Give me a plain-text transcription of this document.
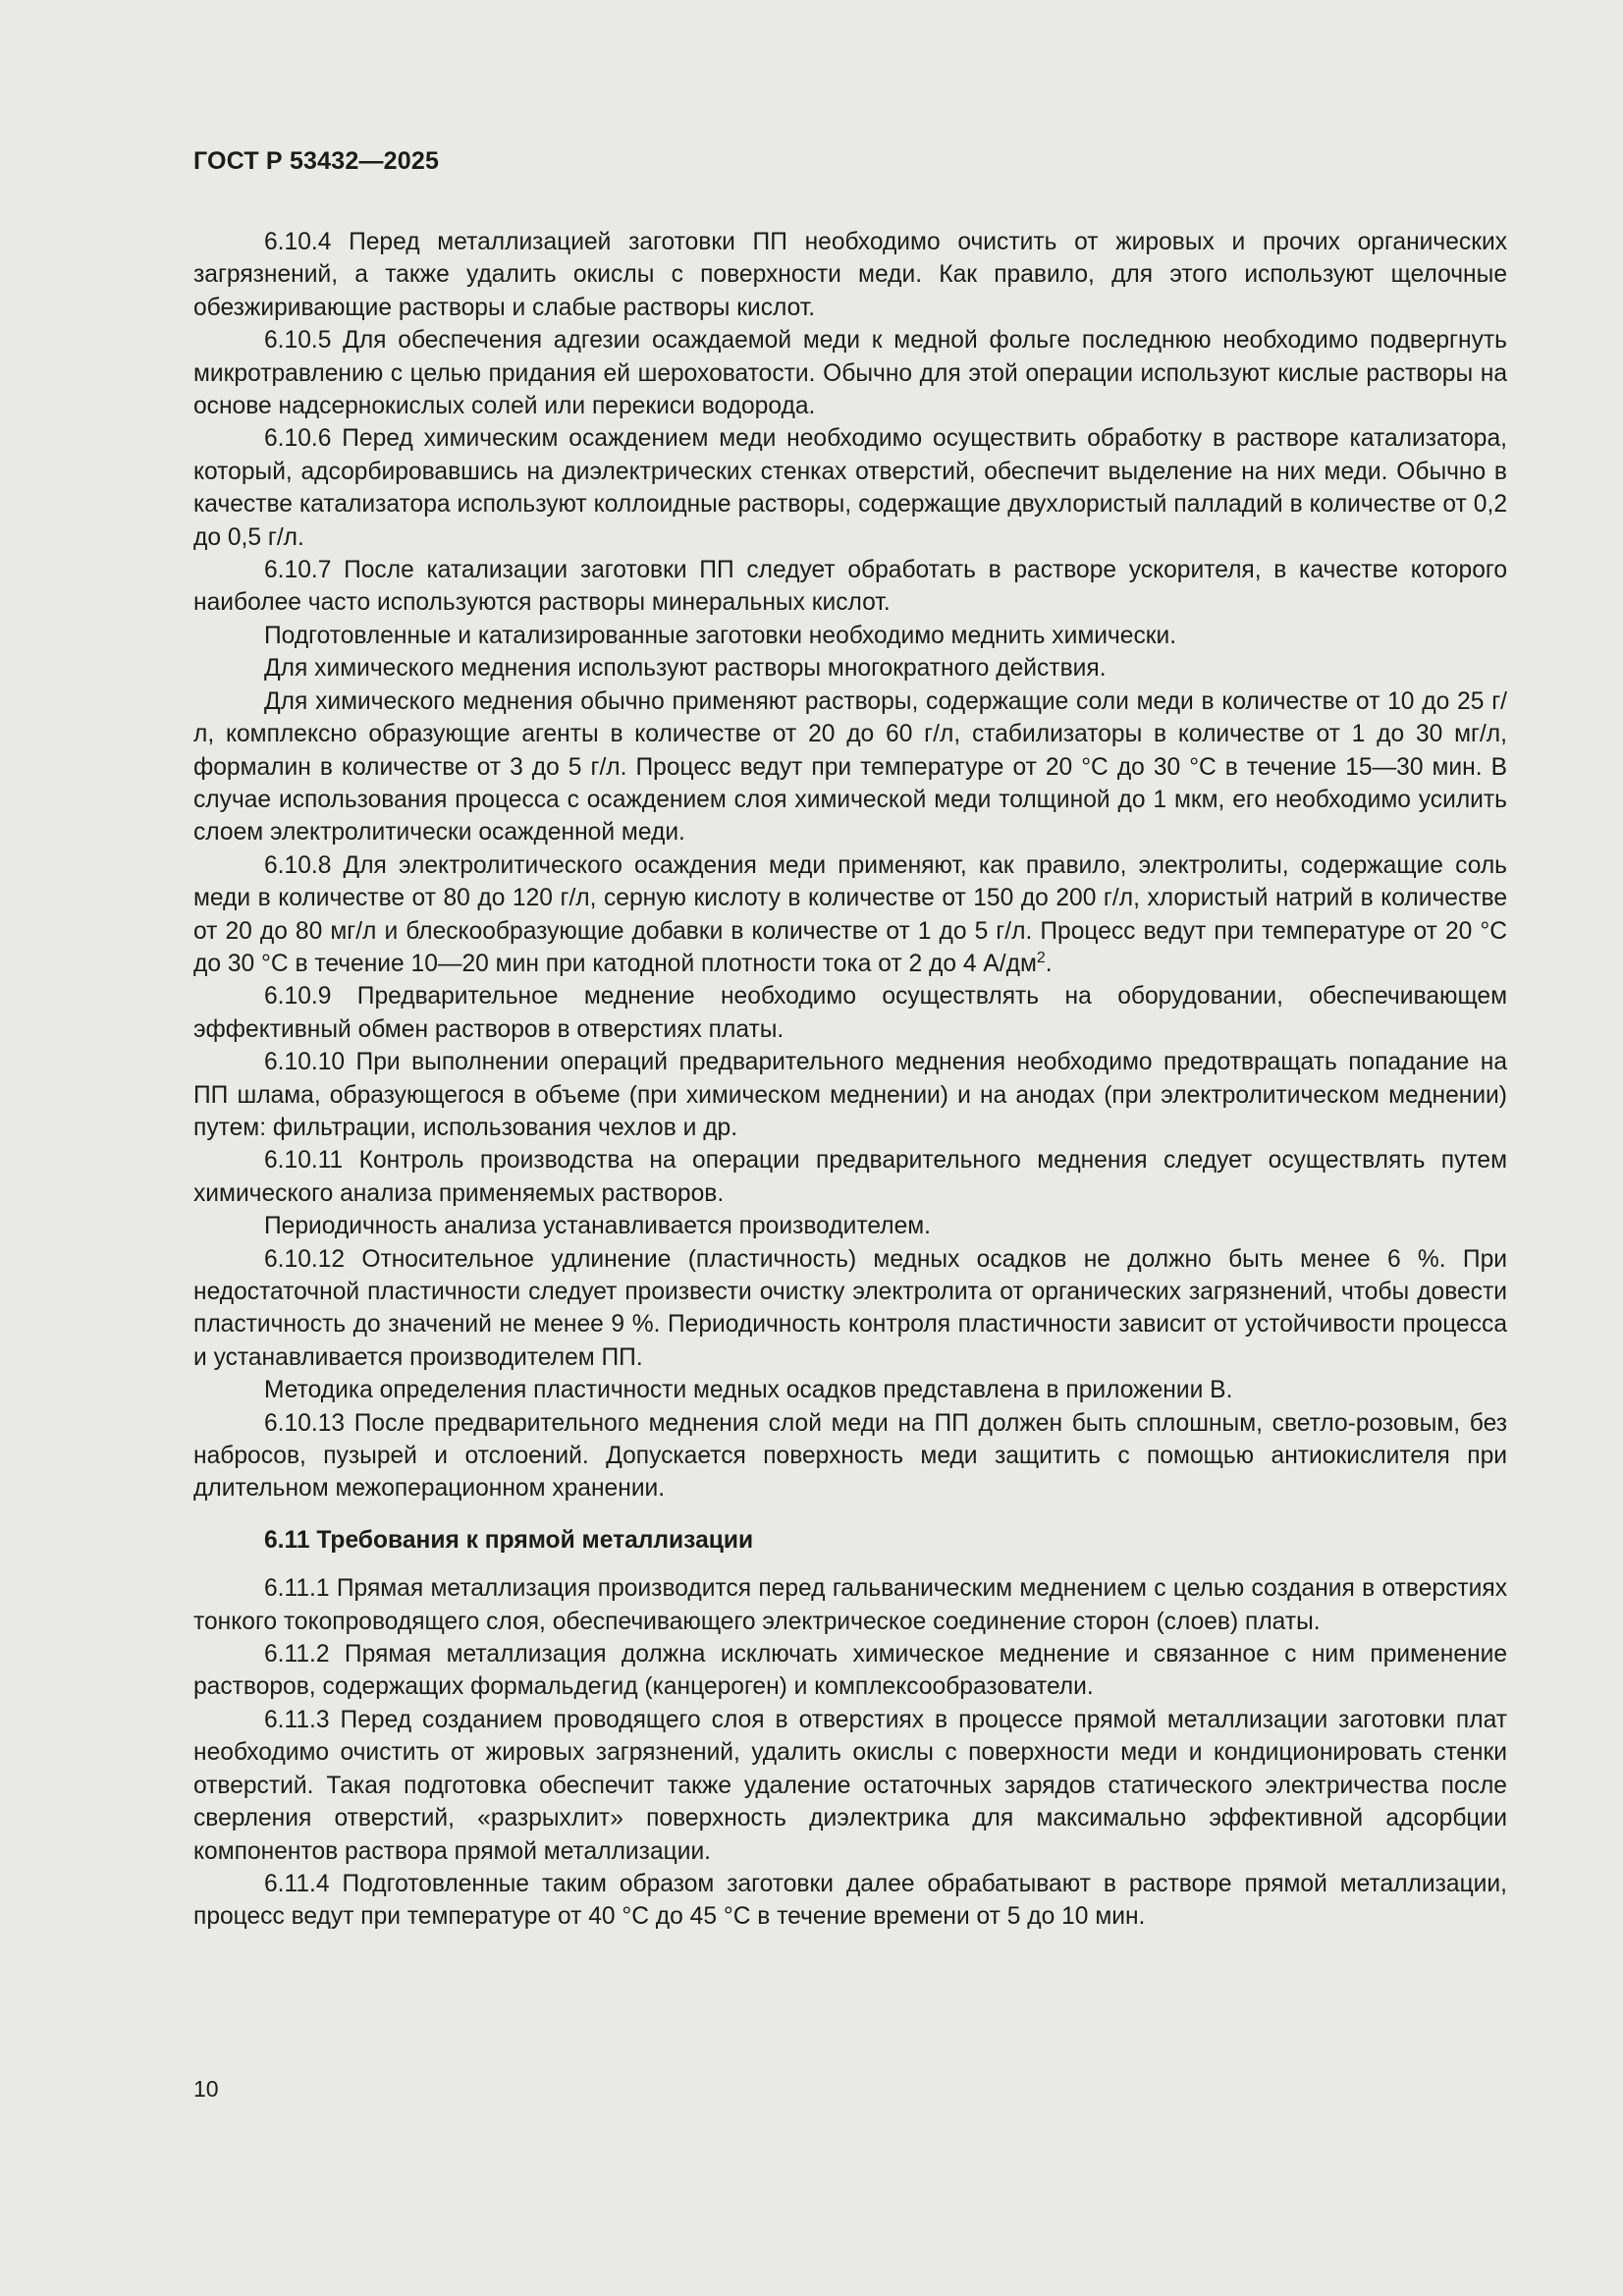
ГОСТ Р 53432—2025

6.10.4 Перед металлизацией заготовки ПП необходимо очистить от жировых и прочих органических загрязнений, а также удалить окислы с поверхности меди. Как правило, для этого используют щелочные обезжиривающие растворы и слабые растворы кислот.

6.10.5 Для обеспечения адгезии осаждаемой меди к медной фольге последнюю необходимо подвергнуть микротравлению с целью придания ей шероховатости. Обычно для этой операции используют кислые растворы на основе надсернокислых солей или перекиси водорода.

6.10.6 Перед химическим осаждением меди необходимо осуществить обработку в растворе катализатора, который, адсорбировавшись на диэлектрических стенках отверстий, обеспечит выделение на них меди. Обычно в качестве катализатора используют коллоидные растворы, содержащие двухлористый палладий в количестве от 0,2 до 0,5 г/л.

6.10.7 После катализации заготовки ПП следует обработать в растворе ускорителя, в качестве которого наиболее часто используются растворы минеральных кислот.

Подготовленные и катализированные заготовки необходимо меднить химически.

Для химического меднения используют растворы многократного действия.

Для химического меднения обычно применяют растворы, содержащие соли меди в количестве от 10 до 25 г/л, комплексно образующие агенты в количестве от 20 до 60 г/л, стабилизаторы в количестве от 1 до 30 мг/л, формалин в количестве от 3 до 5 г/л. Процесс ведут при температуре от 20 °С до 30 °С в течение 15—30 мин. В случае использования процесса с осаждением слоя химической меди толщиной до 1 мкм, его необходимо усилить слоем электролитически осажденной меди.

6.10.8 Для электролитического осаждения меди применяют, как правило, электролиты, содержащие соль меди в количестве от 80 до 120 г/л, серную кислоту в количестве от 150 до 200 г/л, хлористый натрий в количестве от 20 до 80 мг/л и блескообразующие добавки в количестве от 1 до 5 г/л. Процесс ведут при температуре от 20 °С до 30 °С в течение 10—20 мин при катодной плотности тока от 2 до 4 $А/дм^2$.

6.10.9 Предварительное меднение необходимо осуществлять на оборудовании, обеспечивающем эффективный обмен растворов в отверстиях платы.

6.10.10 При выполнении операций предварительного меднения необходимо предотвращать попадание на ПП шлама, образующегося в объеме (при химическом меднении) и на анодах (при электролитическом меднении) путем: фильтрации, использования чехлов и др.

6.10.11 Контроль производства на операции предварительного меднения следует осуществлять путем химического анализа применяемых растворов.

Периодичность анализа устанавливается производителем.

6.10.12 Относительное удлинение (пластичность) медных осадков не должно быть менее 6 %. При недостаточной пластичности следует произвести очистку электролита от органических загрязнений, чтобы довести пластичность до значений не менее 9 %. Периодичность контроля пластичности зависит от устойчивости процесса и устанавливается производителем ПП.

Методика определения пластичности медных осадков представлена в приложении В.

6.10.13 После предварительного меднения слой меди на ПП должен быть сплошным, светло-розовым, без набросов, пузырей и отслоений. Допускается поверхность меди защитить с помощью антиокислителя при длительном межоперационном хранении.

6.11 Требования к прямой металлизации

6.11.1 Прямая металлизация производится перед гальваническим меднением с целью создания в отверстиях тонкого токопроводящего слоя, обеспечивающего электрическое соединение сторон (слоев) платы.

6.11.2 Прямая металлизация должна исключать химическое меднение и связанное с ним применение растворов, содержащих формальдегид (канцероген) и комплексообразователи.

6.11.3 Перед созданием проводящего слоя в отверстиях в процессе прямой металлизации заготовки плат необходимо очистить от жировых загрязнений, удалить окислы с поверхности меди и кондиционировать стенки отверстий. Такая подготовка обеспечит также удаление остаточных зарядов статического электричества после сверления отверстий, «разрыхлит» поверхность диэлектрика для максимально эффективной адсорбции компонентов раствора прямой металлизации.

6.11.4 Подготовленные таким образом заготовки далее обрабатывают в растворе прямой металлизации, процесс ведут при температуре от 40 °С до 45 °С в течение времени от 5 до 10 мин.

10
